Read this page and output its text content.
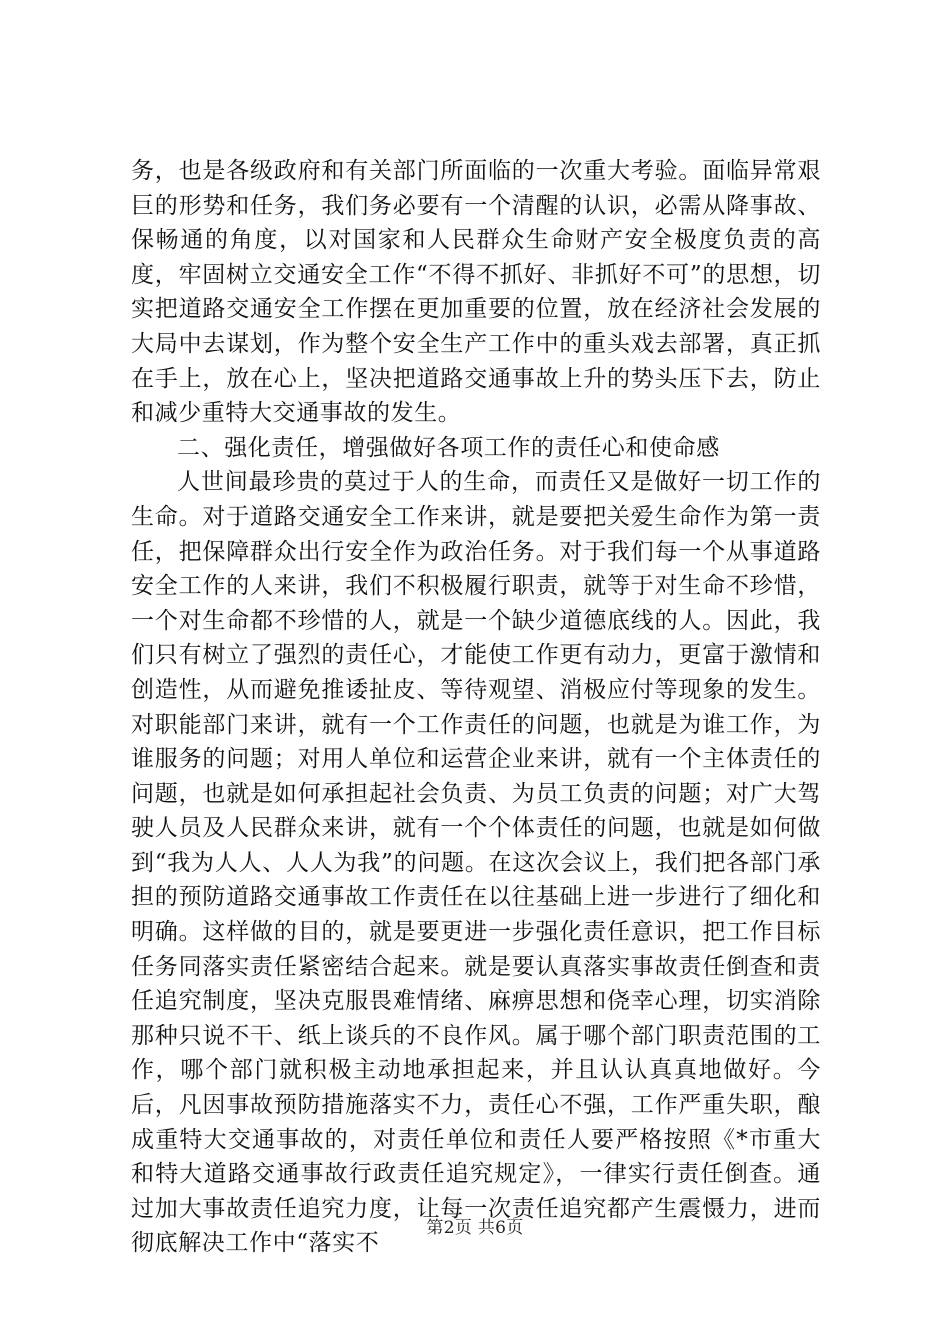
务，也是各级政府和有关部门所面临的一次重大考验。面临异常艰巨的形势和任务，我们务必要有一个清醒的认识，必需从降事故、保畅通的角度，以对国家和人民群众生命财产安全极度负责的高度，牢固树立交通安全工作“不得不抓好、非抓好不可”的思想，切实把道路交通安全工作摆在更加重要的位置，放在经济社会发展的大局中去谋划，作为整个安全生产工作中的重头戏去部署，真正抓在手上，放在心上，坚决把道路交通事故上升的势头压下去，防止和减少重特大交通事故的发生。

二、强化责任，增强做好各项工作的责任心和使命感

人世间最珍贵的莫过于人的生命，而责任又是做好一切工作的生命。对于道路交通安全工作来讲，就是要把关爱生命作为第一责任，把保障群众出行安全作为政治任务。对于我们每一个从事道路安全工作的人来讲，我们不积极履行职责，就等于对生命不珍惜，一个对生命都不珍惜的人，就是一个缺少道德底线的人。因此，我们只有树立了强烈的责任心，才能使工作更有动力，更富于激情和创造性，从而避免推诿扯皮、等待观望、消极应付等现象的发生。对职能部门来讲，就有一个工作责任的问题，也就是为谁工作，为谁服务的问题；对用人单位和运营企业来讲，就有一个主体责任的问题，也就是如何承担起社会负责、为员工负责的问题；对广大驾驶人员及人民群众来讲，就有一个个体责任的问题，也就是如何做到“我为人人、人人为我”的问题。在这次会议上，我们把各部门承担的预防道路交通事故工作责任在以往基础上进一步进行了细化和明确。这样做的目的，就是要更进一步强化责任意识，把工作目标任务同落实责任紧密结合起来。就是要认真落实事故责任倒查和责任追究制度，坚决克服畏难情绪、麻痹思想和侥幸心理，切实消除那种只说不干、纸上谈兵的不良作风。属于哪个部门职责范围的工作，哪个部门就积极主动地承担起来，并且认认真真地做好。今后，凡因事故预防措施落实不力，责任心不强，工作严重失职，酿成重特大交通事故的，对责任单位和责任人要严格按照《*市重大和特大道路交通事故行政责任追究规定》，一律实行责任倒查。通过加大事故责任追究力度，让每一次责任追究都产生震慑力，进而彻底解决工作中“落实不

第2页 共6页
